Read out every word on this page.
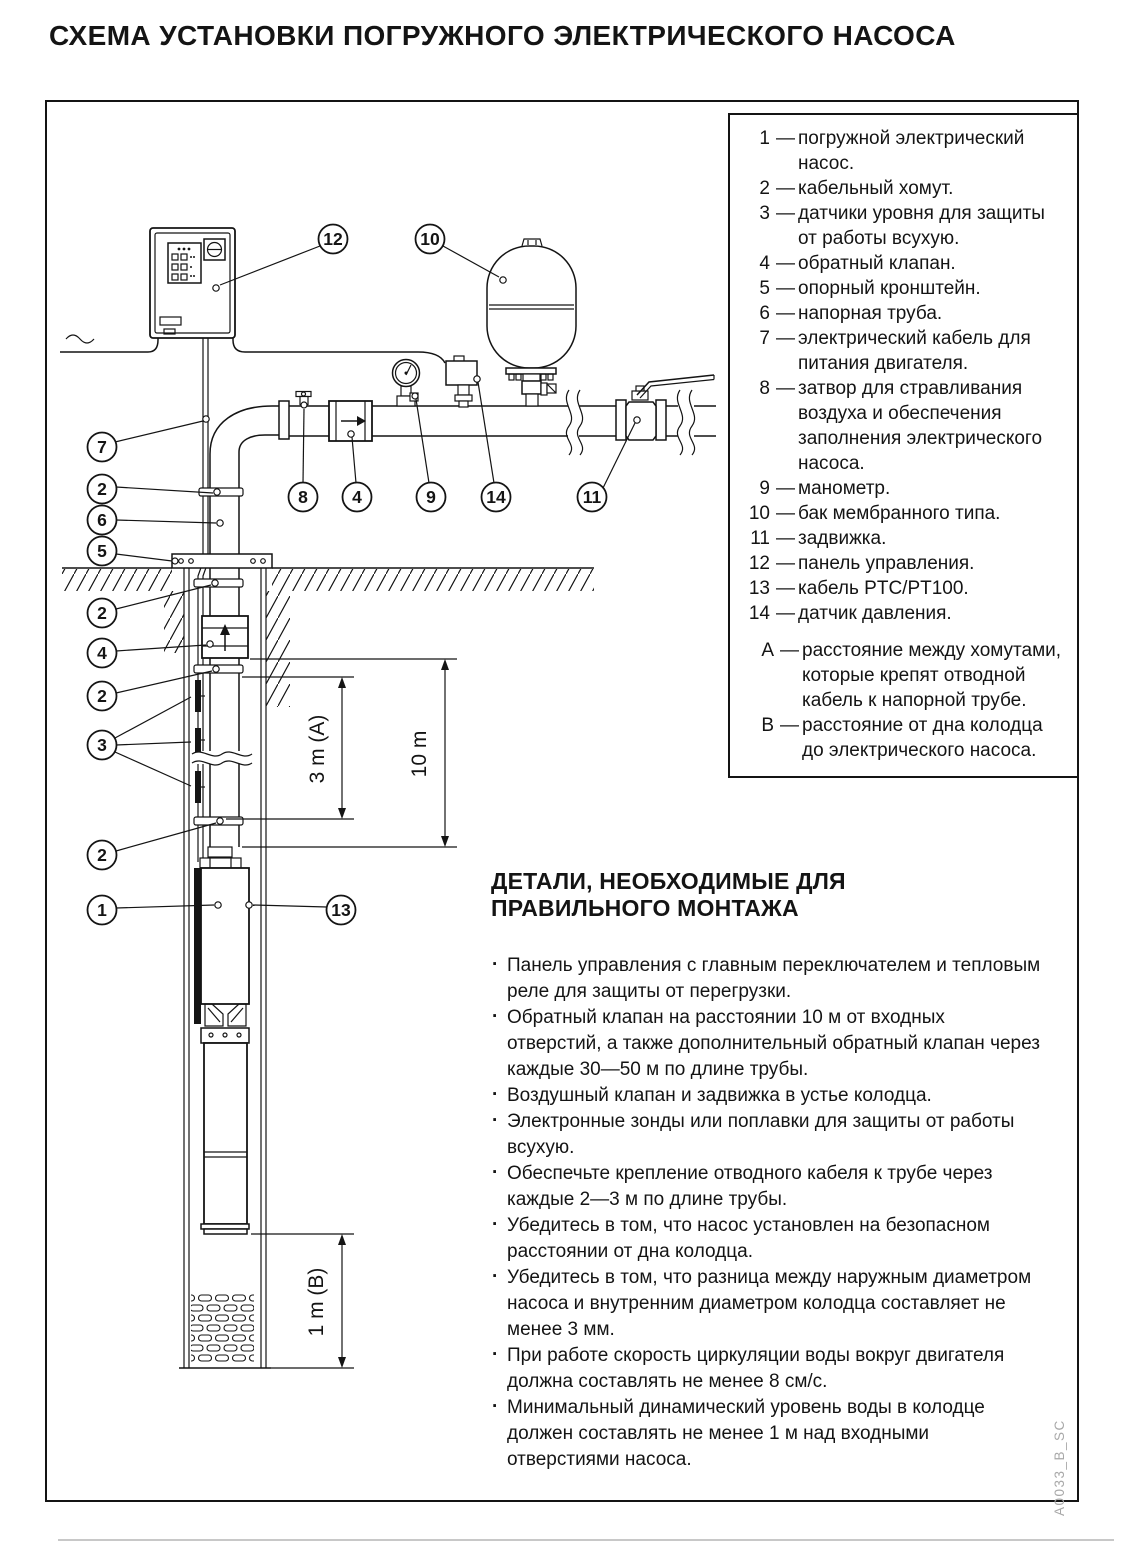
СХЕМА УСТАНОВКИ ПОГРУЖНОГО ЭЛЕКТРИЧЕСКОГО НАСОСА
3 m (A)	10 m
1 m (B)
12	10
7
2
6
5
2
4
2
3
2
1	13
8	4	9	14	11
1 — погружной электрический насос.
2 — кабельный хомут.
3 — датчики уровня для защиты от работы всухую.
4 — обратный клапан.
5 — опорный кронштейн.
6 — напорная труба.
7 — электрический кабель для питания двигателя.
8 — затвор для стравливания воздуха и обеспечения заполнения электрического насоса.
9 — манометр.
10 — бак мембранного типа.
11 — задвижка.
12 — панель управления.
13 — кабель PTC/PT100.
14 — датчик давления.
А — расстояние между хомутами, которые крепят отводной кабель к напорной трубе.
В — расстояние от дна колодца до электрического насоса.
ДЕТАЛИ, НЕОБХОДИМЫЕ ДЛЯ
ПРАВИЛЬНОГО МОНТАЖА
· Панель управления с главным переключателем и тепловым реле для защиты от перегрузки.
· Обратный клапан на расстоянии 10 м от входных отверстий, а также дополнительный обратный клапан через каждые 30—50 м по длине трубы.
· Воздушный клапан и задвижка в устье колодца.
· Электронные зонды или поплавки для защиты от работы всухую.
· Обеспечьте крепление отводного кабеля к трубе через каждые 2—3 м по длине трубы.
· Убедитесь в том, что насос установлен на безопасном расстоянии от дна колодца.
· Убедитесь в том, что разница между наружным диаметром насоса и внутренним диаметром колодца составляет не менее 3 мм.
· При работе скорость циркуляции воды вокруг двигателя должна составлять не менее 8 см/с.
· Минимальный динамический уровень воды в колодце должен составлять не менее 1 м над входными отверстиями насоса.	A0033_B_SC
